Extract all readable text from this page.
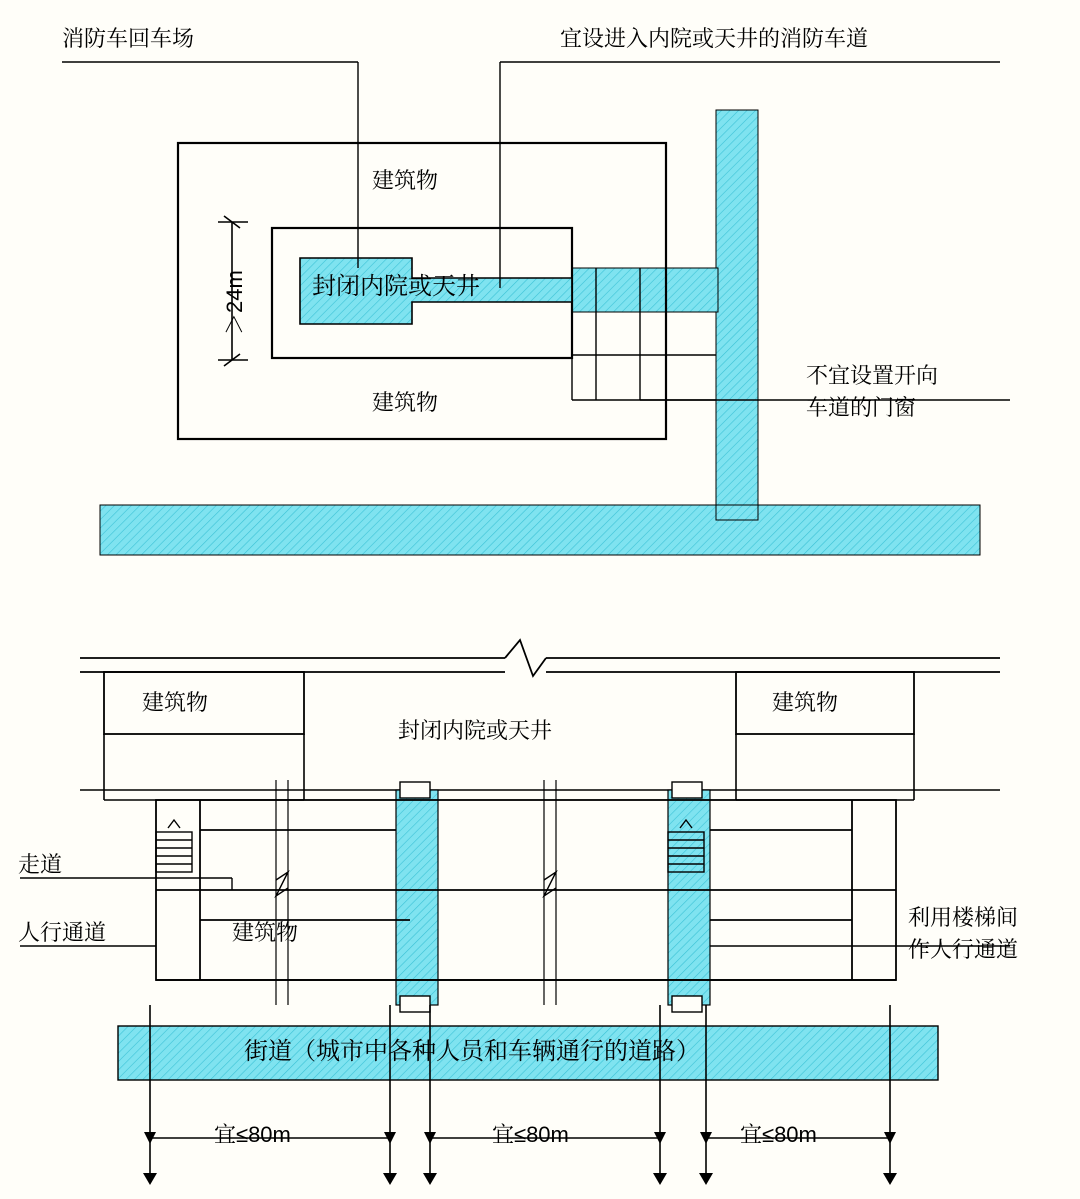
消防车回车场	宜设进入内院或天井的消防车道
建筑物
建筑物
封闭内院或天井
＞24m
不宜设置开向
车道的门窗
建筑物	建筑物
封闭内院或天井
走道
人行通道	建筑物
利用楼梯间
作人行通道
街道（城市中各种人员和车辆通行的道路）
宜≤80m	宜≤80m	宜≤80m
